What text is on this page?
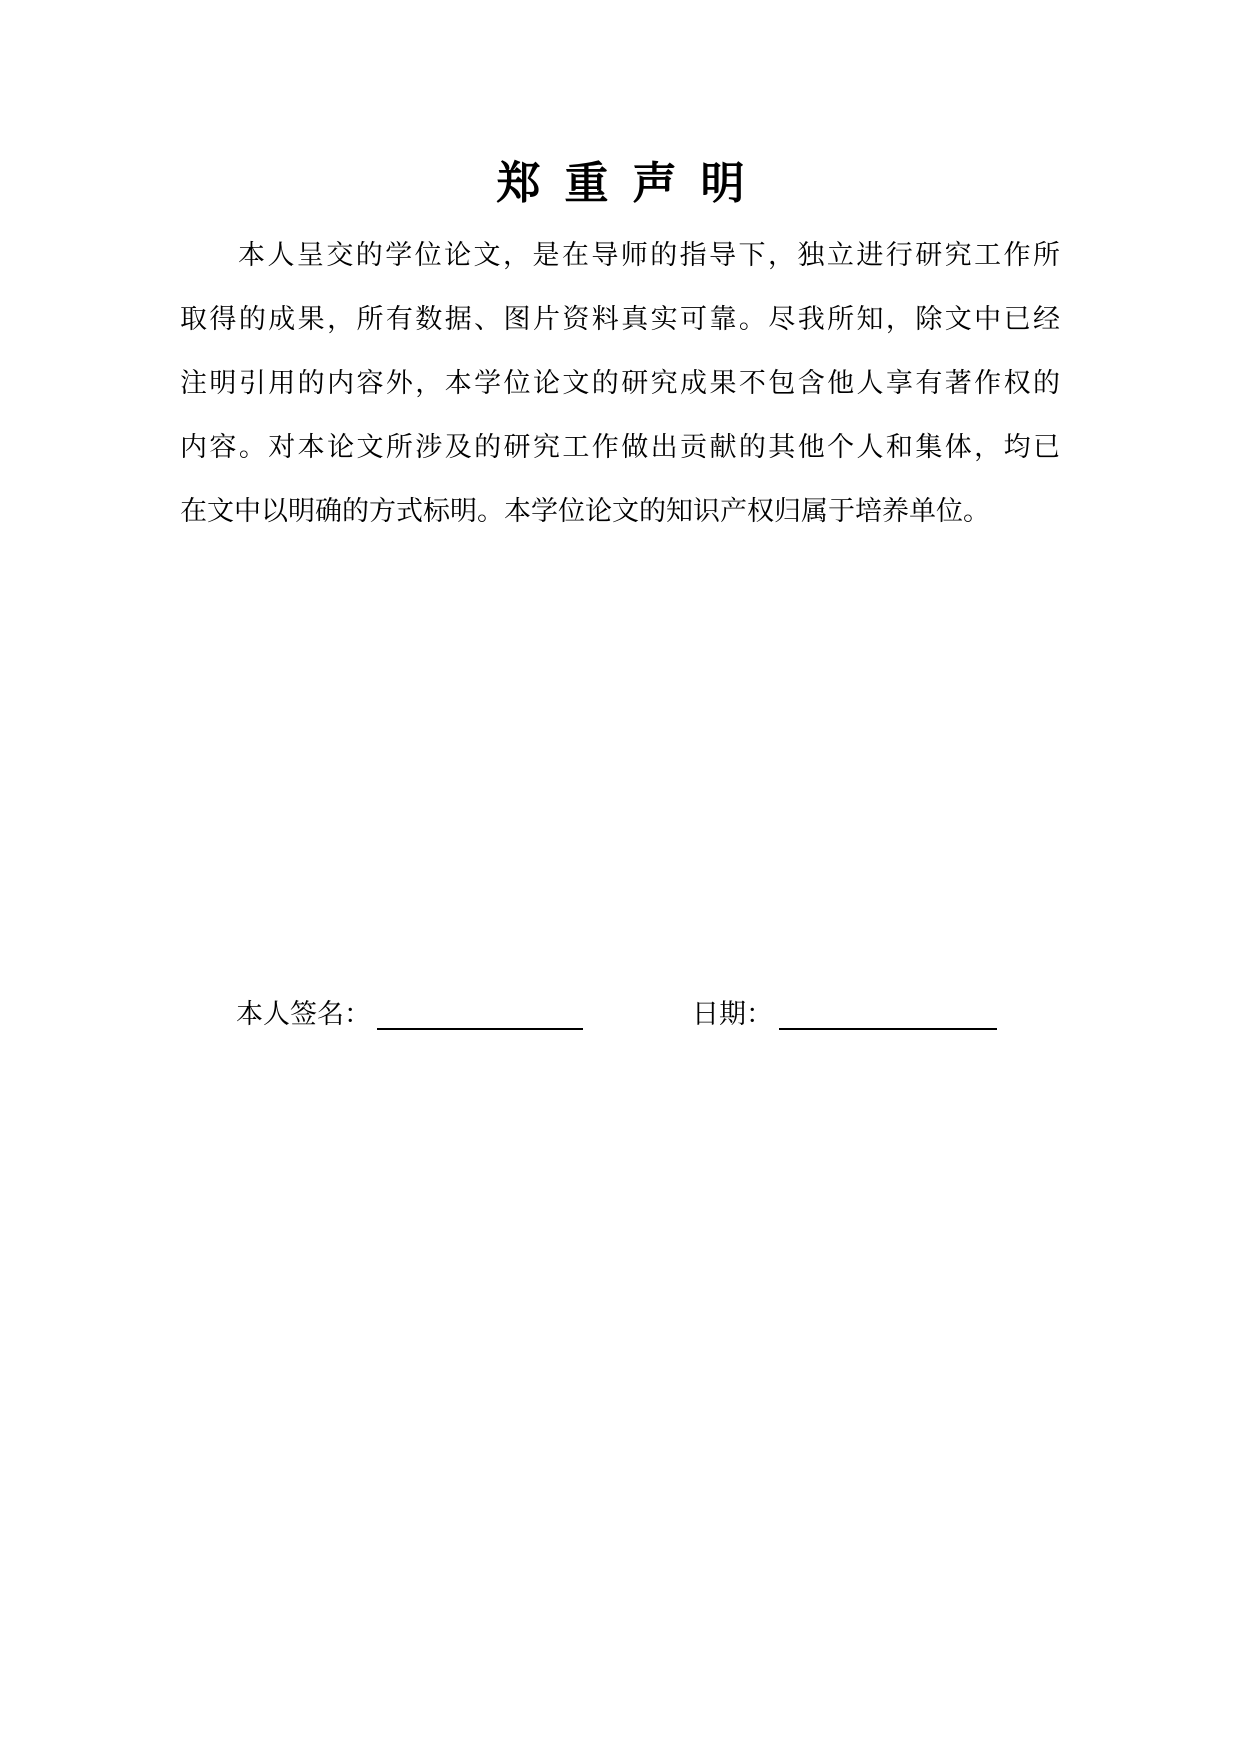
郑重声明
本人呈交的学位论文，是在导师的指导下，独立进行研究工作所
取得的成果，所有数据、图片资料真实可靠。尽我所知，除文中已经
注明引用的内容外，本学位论文的研究成果不包含他人享有著作权的
内容。对本论文所涉及的研究工作做出贡献的其他个人和集体，均已
在文中以明确的方式标明。本学位论文的知识产权归属于培养单位。
本人签名：	日期：
